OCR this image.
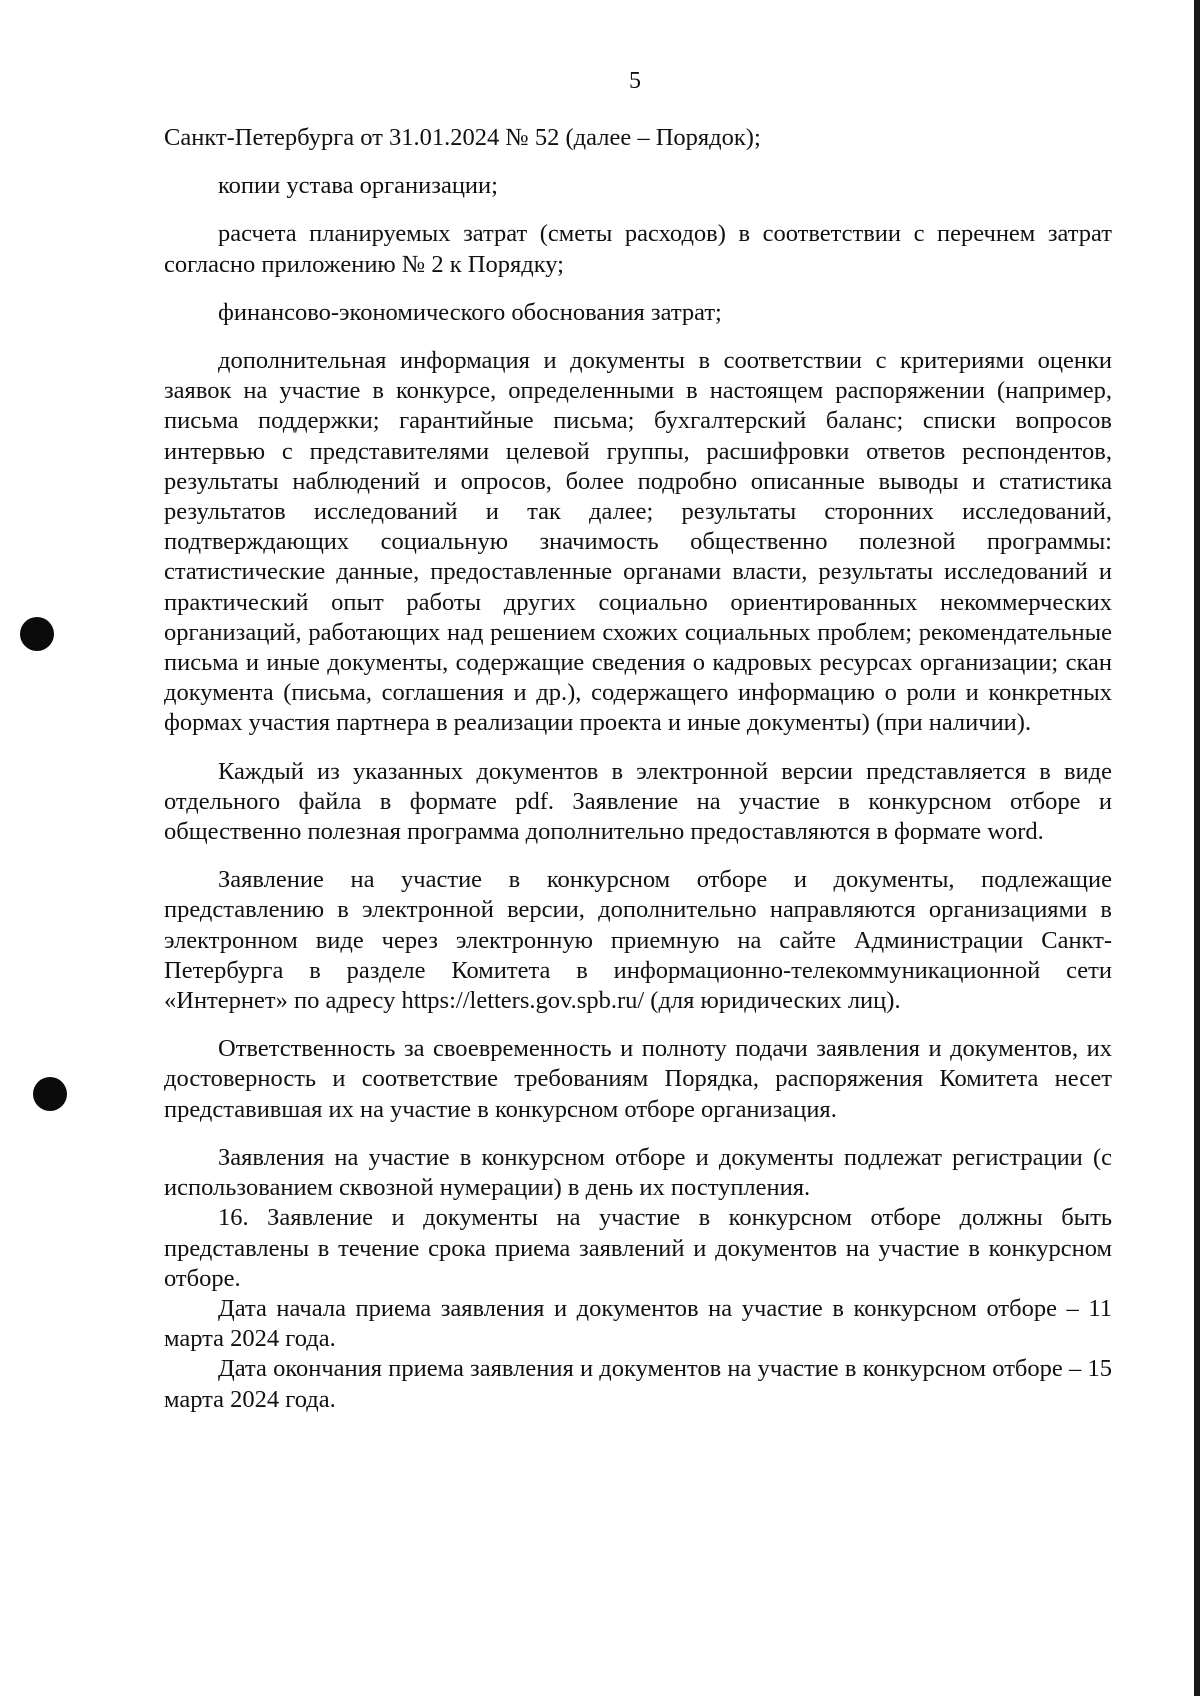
5

Санкт-Петербурга от 31.01.2024 № 52 (далее – Порядок);

копии устава организации;

расчета планируемых затрат (сметы расходов) в соответствии с перечнем затрат согласно приложению № 2 к Порядку;

финансово-экономического обоснования затрат;

дополнительная информация и документы в соответствии с критериями оценки заявок на участие в конкурсе, определенными в настоящем распоряжении (например, письма поддержки; гарантийные письма; бухгалтерский баланс; списки вопросов интервью с представителями целевой группы, расшифровки ответов респондентов, результаты наблюдений и опросов, более подробно описанные выводы и статистика результатов исследований и так далее; результаты сторонних исследований, подтверждающих социальную значимость общественно полезной программы: статистические данные, предоставленные органами власти, результаты исследований и практический опыт работы других социально ориентированных некоммерческих организаций, работающих над решением схожих социальных проблем; рекомендательные письма и иные документы, содержащие сведения о кадровых ресурсах организации; скан документа (письма, соглашения и др.), содержащего информацию о роли и конкретных формах участия партнера в реализации проекта и иные документы) (при наличии).

Каждый из указанных документов в электронной версии представляется в виде отдельного файла в формате pdf. Заявление на участие в конкурсном отборе и общественно полезная программа дополнительно предоставляются в формате word.

Заявление на участие в конкурсном отборе и документы, подлежащие представлению в электронной версии, дополнительно направляются организациями в электронном виде через электронную приемную на сайте Администрации Санкт-Петербурга в разделе Комитета в информационно-телекоммуникационной сети «Интернет» по адресу https://letters.gov.spb.ru/ (для юридических лиц).

Ответственность за своевременность и полноту подачи заявления и документов, их достоверность и соответствие требованиям Порядка, распоряжения Комитета несет представившая их на участие в конкурсном отборе организация.

Заявления на участие в конкурсном отборе и документы подлежат регистрации (с использованием сквозной нумерации) в день их поступления.

16. Заявление и документы на участие в конкурсном отборе должны быть представлены в течение срока приема заявлений и документов на участие в конкурсном отборе.

Дата начала приема заявления и документов на участие в конкурсном отборе – 11 марта 2024 года.

Дата окончания приема заявления и документов на участие в конкурсном отборе – 15 марта 2024 года.
